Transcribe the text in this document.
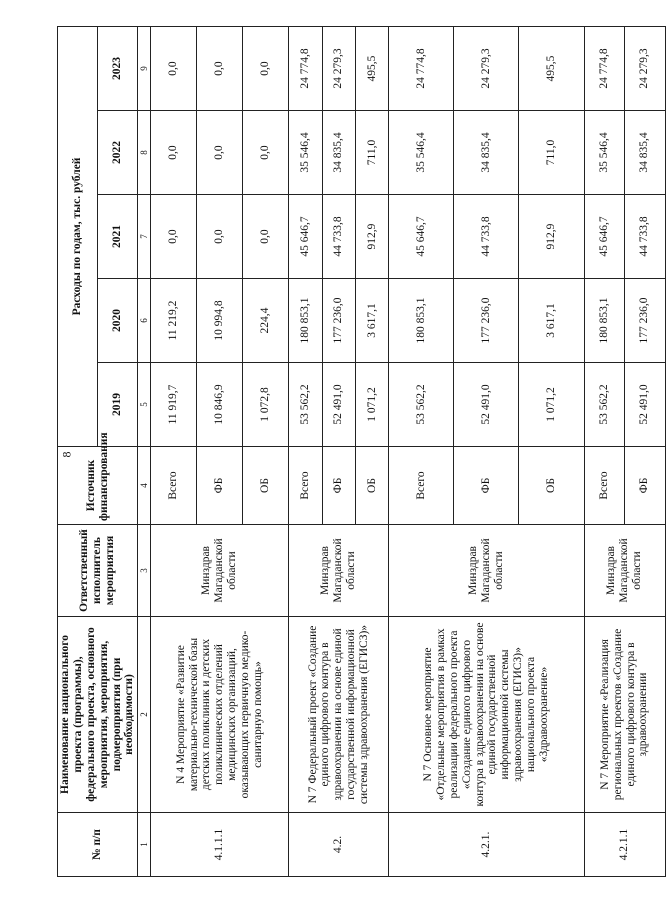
8
№ п/п	Наименование национального проекта (программы), федерального проекта, основного мероприятия, мероприятия, подмероприятия (при необходимости)	Ответственный исполнитель мероприятия	Источник финансирования	Расходы по годам, тыс. рублей				
				2019	2020	2021	2022	2023
1	2	3	4	5	6	7	8	9
4.1.1.1	N 4 Мероприятие «Развитие материально-технической базы детских поликлиник и детских поликлинических отделений медицинских организаций, оказывающих первичную медико-санитарную помощь»	Минздрав Магаданской области	Всего	11 919,7	11 219,2	0,0	0,0	0,0
			ФБ	10 846,9	10 994,8	0,0	0,0	0,0
			ОБ	1 072,8	224,4	0,0	0,0	0,0
4.2.	N 7 Федеральный проект «Создание единого цифрового контура в здравоохранении на основе единой государственной информационной системы здравоохранения (ЕГИСЗ)»	Минздрав Магаданской области	Всего	53 562,2	180 853,1	45 646,7	35 546,4	24 774,8
			ФБ	52 491,0	177 236,0	44 733,8	34 835,4	24 279,3
			ОБ	1 071,2	3 617,1	912,9	711,0	495,5
4.2.1.	N 7 Основное мероприятие «Отдельные мероприятия в рамках реализации федерального проекта «Создание единого цифрового контура в здравоохранении на основе единой государственной информационной системы здравоохранения (ЕГИСЗ)» национального проекта «Здравоохранение»	Минздрав Магаданской области	Всего	53 562,2	180 853,1	45 646,7	35 546,4	24 774,8
			ФБ	52 491,0	177 236,0	44 733,8	34 835,4	24 279,3
			ОБ	1 071,2	3 617,1	912,9	711,0	495,5
4.2.1.1	N 7 Мероприятие «Реализация региональных проектов «Создание единого цифрового контура в здравоохранении	Минздрав Магаданской области	Всего	53 562,2	180 853,1	45 646,7	35 546,4	24 774,8
			ФБ	52 491,0	177 236,0	44 733,8	34 835,4	24 279,3
